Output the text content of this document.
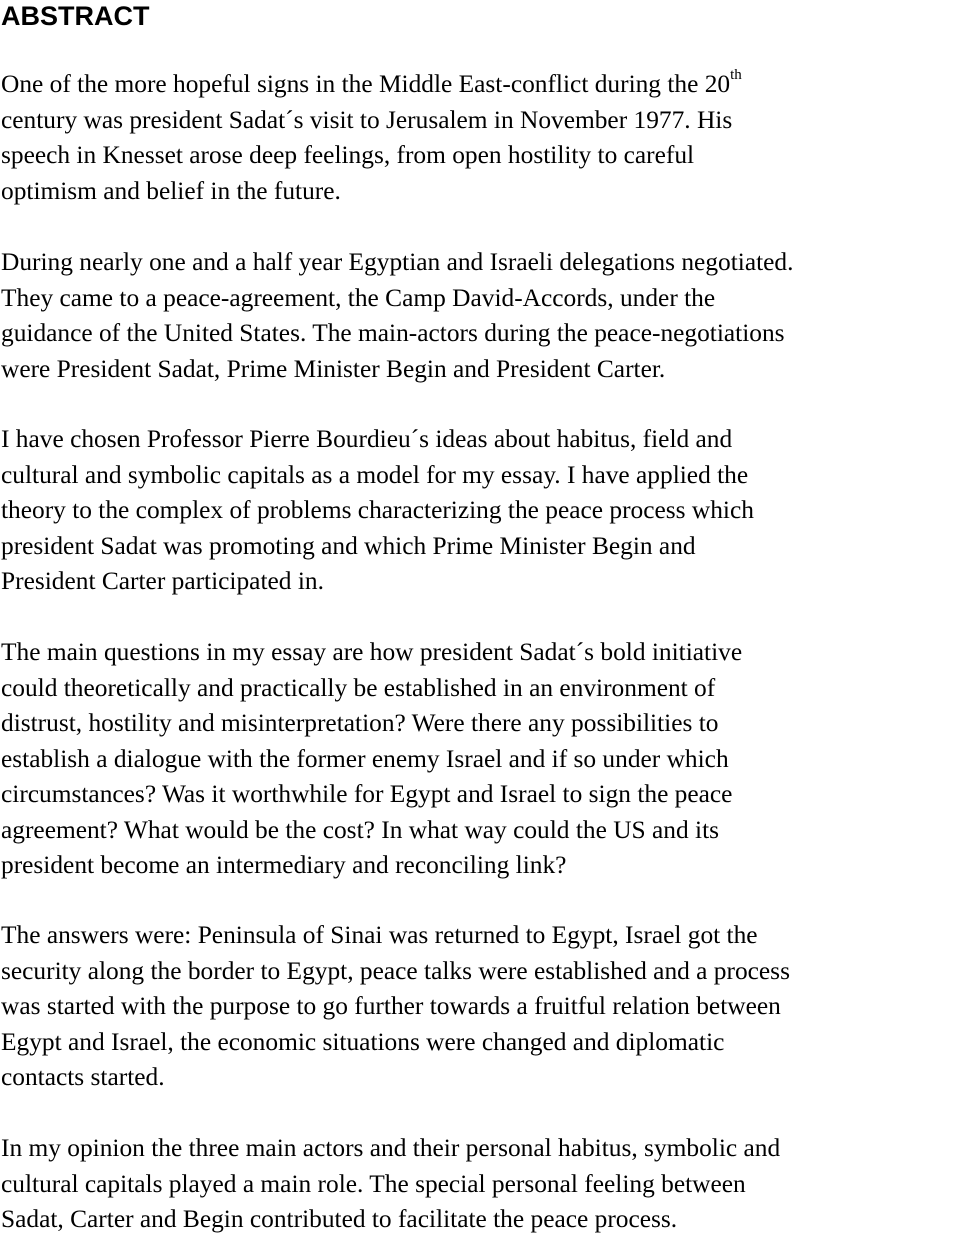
ABSTRACT

One of the more hopeful signs in the Middle East-conflict during the 20th
century was president Sadat´s visit to Jerusalem in November 1977. His
speech in Knesset arose deep feelings, from open hostility to careful
optimism and belief in the future.

During nearly one and a half year Egyptian and Israeli delegations negotiated.
They came to a peace-agreement, the Camp David-Accords, under the
guidance of the United States. The main-actors during the peace-negotiations
were President Sadat, Prime Minister Begin and President Carter.

I have chosen Professor Pierre Bourdieu´s ideas about habitus, field and
cultural and symbolic capitals as a model for my essay. I have applied the
theory to the complex of problems characterizing the peace process which
president Sadat was promoting and which Prime Minister Begin and
President Carter participated in.

The main questions in my essay are how president Sadat´s bold initiative
could theoretically and practically be established in an environment of
distrust, hostility and misinterpretation? Were there any possibilities to
establish a dialogue with the former enemy Israel and if so under which
circumstances? Was it worthwhile for Egypt and Israel to sign the peace
agreement? What would be the cost? In what way could the US and its
president become an intermediary and reconciling link?

The answers were: Peninsula of Sinai was returned to Egypt, Israel got the
security along the border to Egypt, peace talks were established and a process
was started with the purpose to go further towards a fruitful relation between
Egypt and Israel, the economic situations were changed and diplomatic
contacts started.

In my opinion the three main actors and their personal habitus, symbolic and
cultural capitals played a main role. The special personal feeling between
Sadat, Carter and Begin contributed to facilitate the peace process.
